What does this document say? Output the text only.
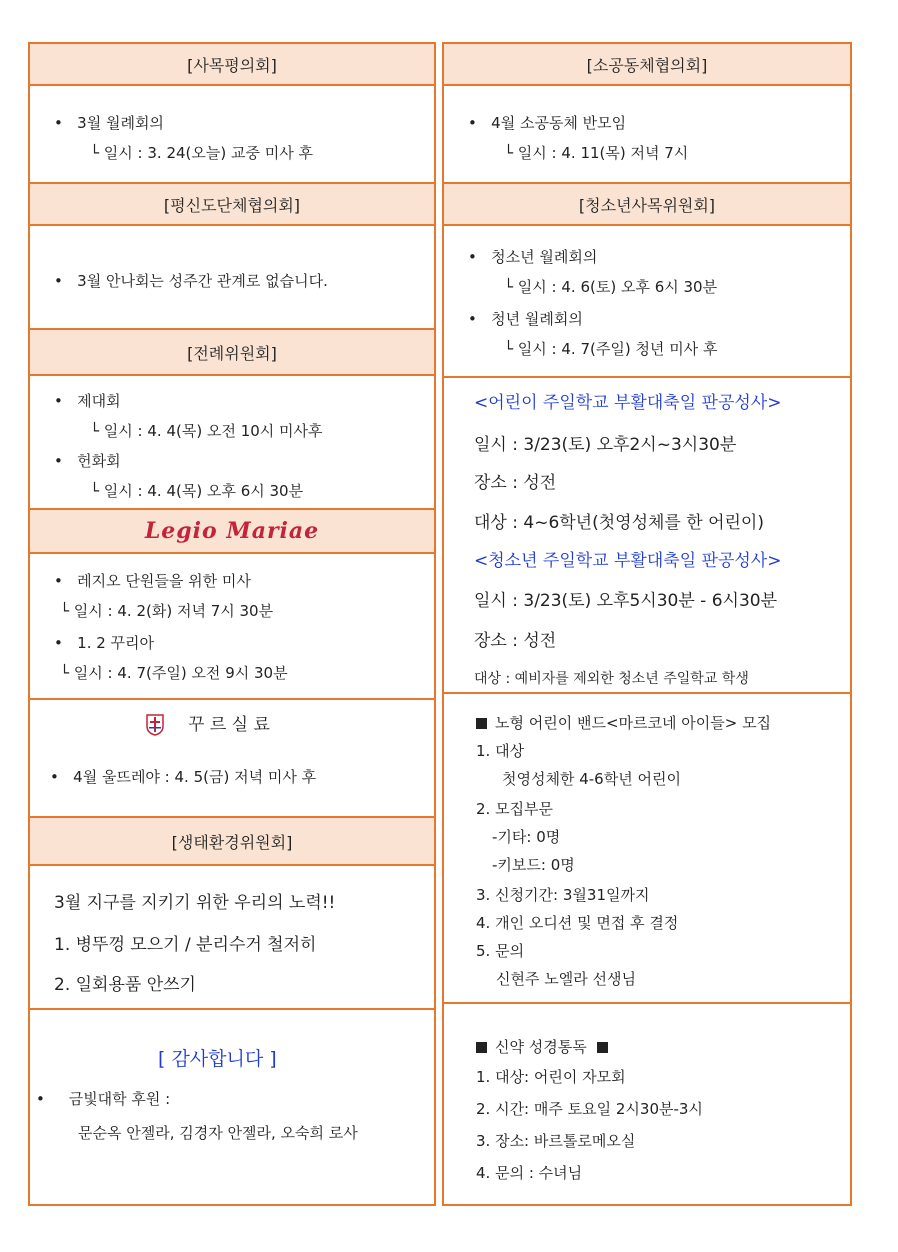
[사목평의회]
•   3월 월례회의
└ 일시 : 3. 24(오늘) 교중 미사 후
[평신도단체협의회]
•   3월 안나회는 성주간 관계로 없습니다.
[전례위원회]
•   제대회
└ 일시 : 4. 4(목) 오전 10시 미사후
•   헌화회
└ 일시 : 4. 4(목) 오후 6시 30분
Legio Mariae
•   레지오 단원들을 위한 미사
└ 일시 : 4. 2(화) 저녁 7시 30분
•   1. 2 꾸리아
└ 일시 : 4. 7(주일) 오전 9시 30분
꾸 르 실 료
•   4월 울뜨레야 : 4. 5(금) 저녁 미사 후
[생태환경위원회]
3월 지구를 지키기 위한 우리의 노력!!
1. 병뚜껑 모으기 / 분리수거 철저히
2. 일회용품 안쓰기
[ 감사합니다 ]
•     금빛대학 후원 :
문순옥 안젤라, 김경자 안젤라, 오숙희 로사
[소공동체협의회]
•   4월 소공동체 반모임
└ 일시 : 4. 11(목) 저녁 7시
[청소년사목위원회]
•   청소년 월례회의
└ 일시 : 4. 6(토) 오후 6시 30분
•   청년 월례회의
└ 일시 : 4. 7(주일) 청년 미사 후
<어린이 주일학교 부활대축일 판공성사>
일시 : 3/23(토) 오후2시~3시30분
장소 : 성전
대상 : 4~6학년(첫영성체를 한 어린이)
<청소년 주일학교 부활대축일 판공성사>
일시 : 3/23(토) 오후5시30분 - 6시30분
장소 : 성전
대상 : 예비자를 제외한 청소년 주일학교 학생
노형 어린이 밴드<마르코네 아이들> 모집
1. 대상
첫영성체한 4-6학년 어린이
2. 모집부문
-기타: 0명
-키보드: 0명
3. 신청기간: 3월31일까지
4. 개인 오디션 및 면접 후 결정
5. 문의
신현주 노엘라 선생님
신약 성경통독
1. 대상: 어린이 자모회
2. 시간: 매주 토요일 2시30분-3시
3. 장소: 바르톨로메오실
4. 문의 : 수녀님
